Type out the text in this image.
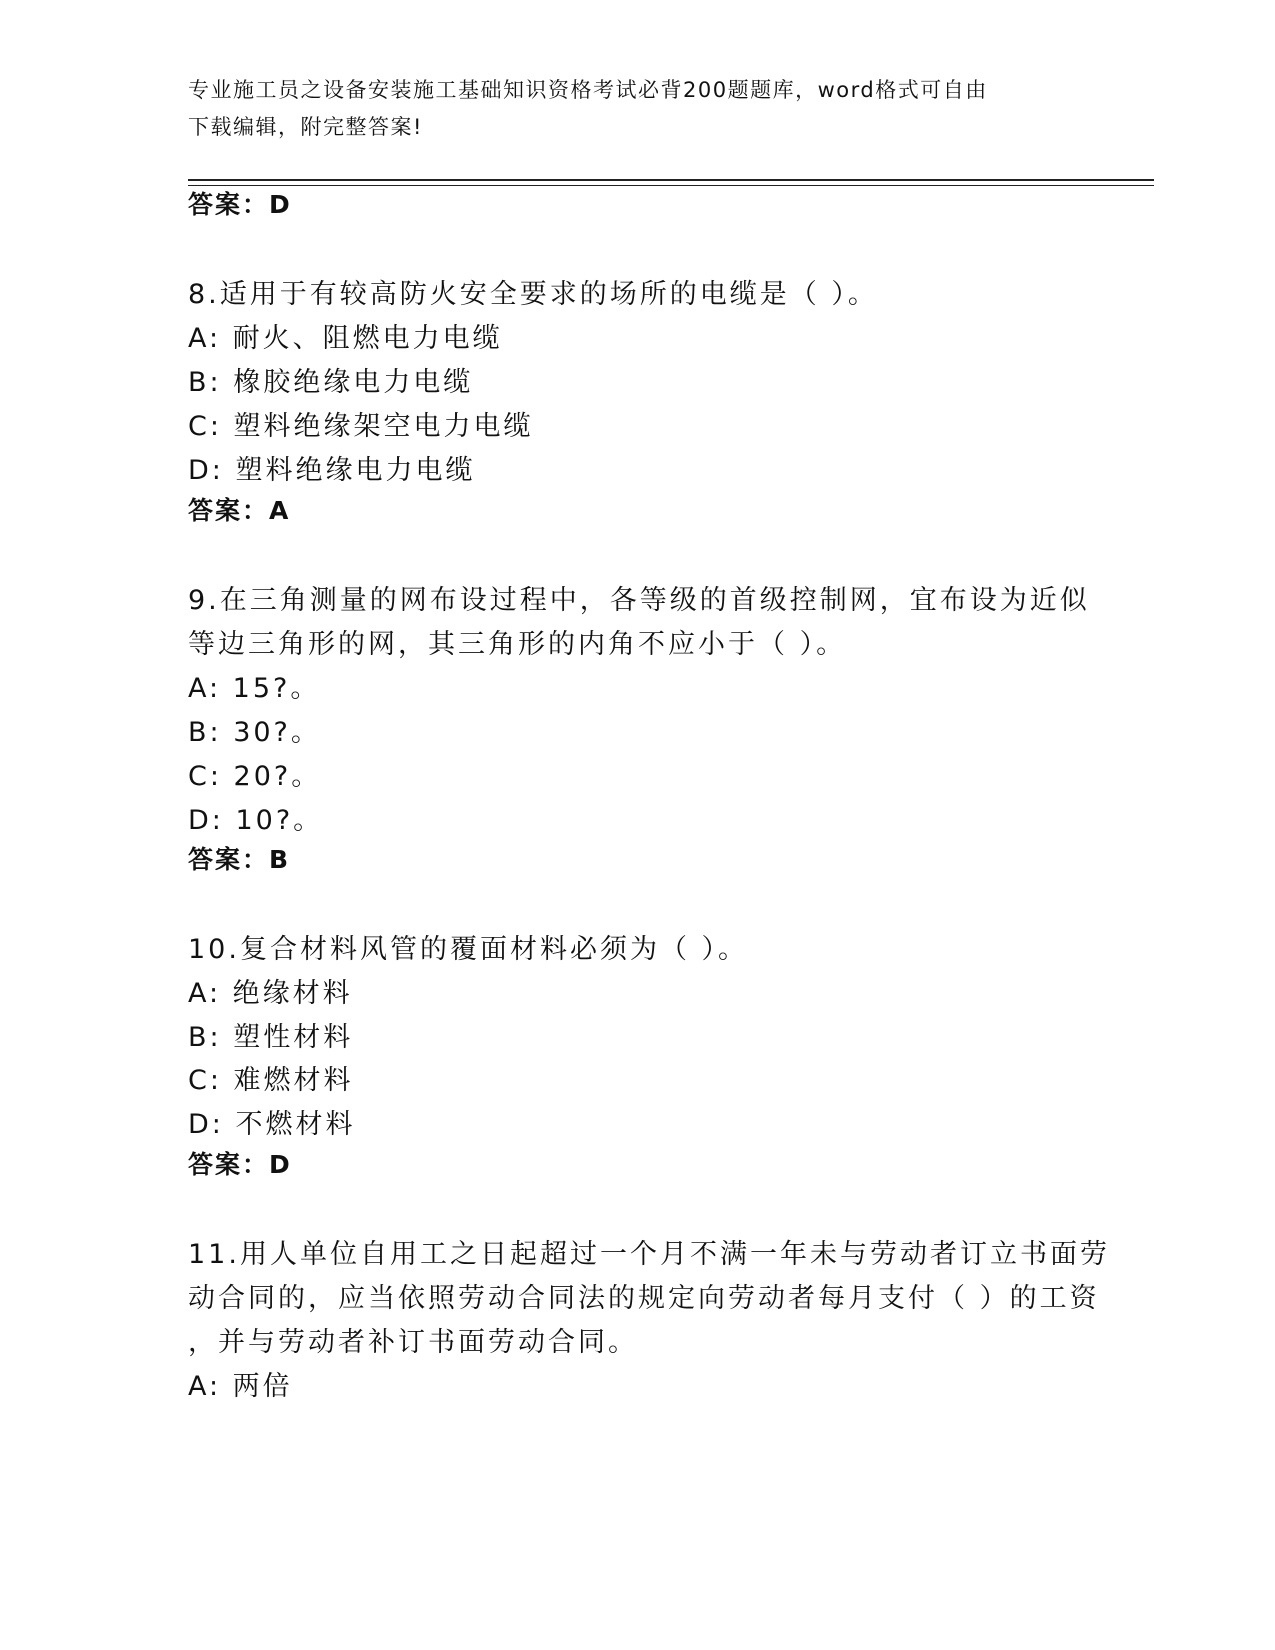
专业施工员之设备安装施工基础知识资格考试必背200题题库，word格式可自由
下载编辑，附完整答案!
答案：D
8.适用于有较高防火安全要求的场所的电缆是（ ）。
A: 耐火、阻燃电力电缆
B: 橡胶绝缘电力电缆
C: 塑料绝缘架空电力电缆
D: 塑料绝缘电力电缆
答案：A
9.在三角测量的网布设过程中，各等级的首级控制网，宜布设为近似
等边三角形的网，其三角形的内角不应小于（ ）。
A: 15?。
B: 30?。
C: 20?。
D: 10?。
答案：B
10.复合材料风管的覆面材料必须为（ ）。
A: 绝缘材料
B: 塑性材料
C: 难燃材料
D: 不燃材料
答案：D
11.用人单位自用工之日起超过一个月不满一年未与劳动者订立书面劳
动合同的，应当依照劳动合同法的规定向劳动者每月支付（ ）的工资
，并与劳动者补订书面劳动合同。
A: 两倍
